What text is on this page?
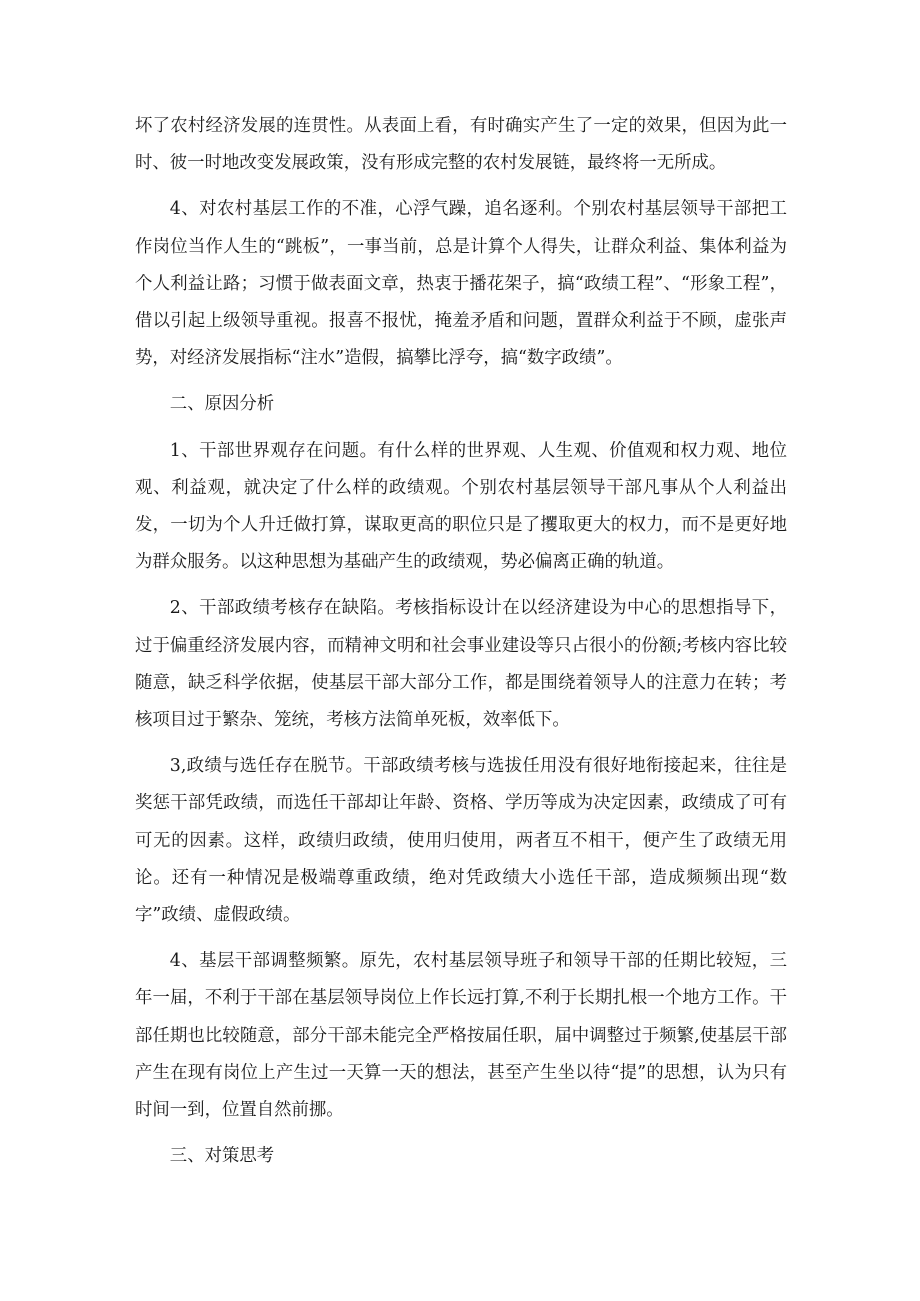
坏了农村经济发展的连贯性。从表面上看，有时确实产生了一定的效果，但因为此一时、彼一时地改变发展政策，没有形成完整的农村发展链，最终将一无所成。

4、对农村基层工作的不准，心浮气躁，追名逐利。个别农村基层领导干部把工作岗位当作人生的“跳板”，一事当前，总是计算个人得失，让群众利益、集体利益为个人利益让路；习惯于做表面文章，热衷于播花架子，搞“政绩工程”、“形象工程”，借以引起上级领导重视。报喜不报忧，掩羞矛盾和问题，置群众利益于不顾，虚张声势，对经济发展指标“注水”造假，搞攀比浮夸，搞“数字政绩”。

二、原因分析

1、干部世界观存在问题。有什么样的世界观、人生观、价值观和权力观、地位观、利益观，就决定了什么样的政绩观。个别农村基层领导干部凡事从个人利益出发，一切为个人升迁做打算，谋取更高的职位只是了攫取更大的权力，而不是更好地为群众服务。以这种思想为基础产生的政绩观，势必偏离正确的轨道。

2、干部政绩考核存在缺陷。考核指标设计在以经济建设为中心的思想指导下，过于偏重经济发展内容，而精神文明和社会事业建设等只占很小的份额;考核内容比较随意，缺乏科学依据，使基层干部大部分工作，都是围绕着领导人的注意力在转；考核项目过于繁杂、笼统，考核方法简单死板，效率低下。

3,政绩与选任存在脱节。干部政绩考核与选拔任用没有很好地衔接起来，往往是奖惩干部凭政绩，而选任干部却让年龄、资格、学历等成为决定因素，政绩成了可有可无的因素。这样，政绩归政绩，使用归使用，两者互不相干，便产生了政绩无用论。还有一种情况是极端尊重政绩，绝对凭政绩大小选任干部，造成频频出现“数字”政绩、虚假政绩。

4、基层干部调整频繁。原先，农村基层领导班子和领导干部的任期比较短，三年一届，不利于干部在基层领导岗位上作长远打算,不利于长期扎根一个地方工作。干部任期也比较随意，部分干部未能完全严格按届任职，届中调整过于频繁,使基层干部产生在现有岗位上产生过一天算一天的想法，甚至产生坐以待“提”的思想，认为只有时间一到，位置自然前挪。

三、对策思考
